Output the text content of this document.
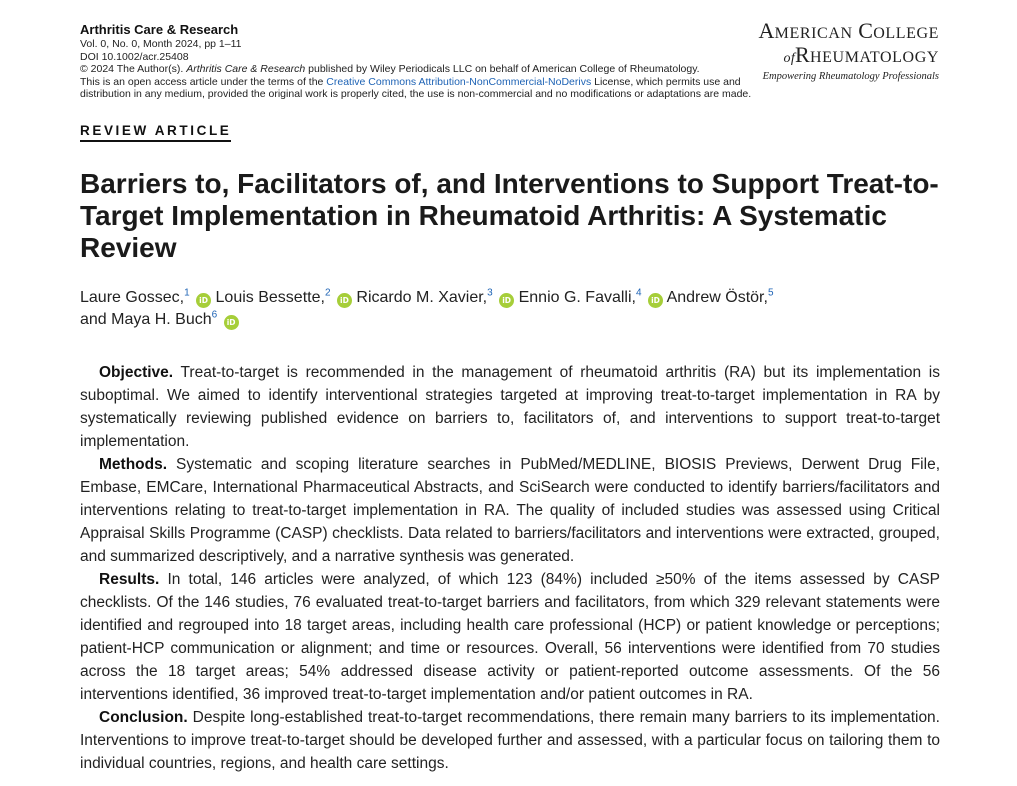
Arthritis Care & Research
Vol. 0, No. 0, Month 2024, pp 1–11
DOI 10.1002/acr.25408
© 2024 The Author(s). Arthritis Care & Research published by Wiley Periodicals LLC on behalf of American College of Rheumatology.
This is an open access article under the terms of the Creative Commons Attribution-NonCommercial-NoDerivs License, which permits use and distribution in any medium, provided the original work is properly cited, the use is non-commercial and no modifications or adaptations are made.
AMERICAN COLLEGE
ofRHEUMATOLOGY
Empowering Rheumatology Professionals
REVIEW ARTICLE
Barriers to, Facilitators of, and Interventions to Support Treat-to-Target Implementation in Rheumatoid Arthritis: A Systematic Review
Laure Gossec,$^1$ iD Louis Bessette,$^2$ iD Ricardo M. Xavier,$^3$ iD Ennio G. Favalli,$^4$ iD Andrew Östör,$^5$
and Maya H. Buch$^6$ iD

Objective. Treat-to-target is recommended in the management of rheumatoid arthritis (RA) but its implementation is suboptimal. We aimed to identify interventional strategies targeted at improving treat-to-target implementation in RA by systematically reviewing published evidence on barriers to, facilitators of, and interventions to support treat-to-target implementation.

Methods. Systematic and scoping literature searches in PubMed/MEDLINE, BIOSIS Previews, Derwent Drug File, Embase, EMCare, International Pharmaceutical Abstracts, and SciSearch were conducted to identify barriers/facilitators and interventions relating to treat-to-target implementation in RA. The quality of included studies was assessed using Critical Appraisal Skills Programme (CASP) checklists. Data related to barriers/facilitators and interventions were extracted, grouped, and summarized descriptively, and a narrative synthesis was generated.

Results. In total, 146 articles were analyzed, of which 123 (84%) included ≥50% of the items assessed by CASP checklists. Of the 146 studies, 76 evaluated treat-to-target barriers and facilitators, from which 329 relevant statements were identified and regrouped into 18 target areas, including health care professional (HCP) or patient knowledge or perceptions; patient-HCP communication or alignment; and time or resources. Overall, 56 interventions were identified from 70 studies across the 18 target areas; 54% addressed disease activity or patient-reported outcome assessments. Of the 56 interventions identified, 36 improved treat-to-target implementation and/or patient outcomes in RA.

Conclusion. Despite long-established treat-to-target recommendations, there remain many barriers to its implementation. Interventions to improve treat-to-target should be developed further and assessed, with a particular focus on tailoring them to individual countries, regions, and health care settings.
